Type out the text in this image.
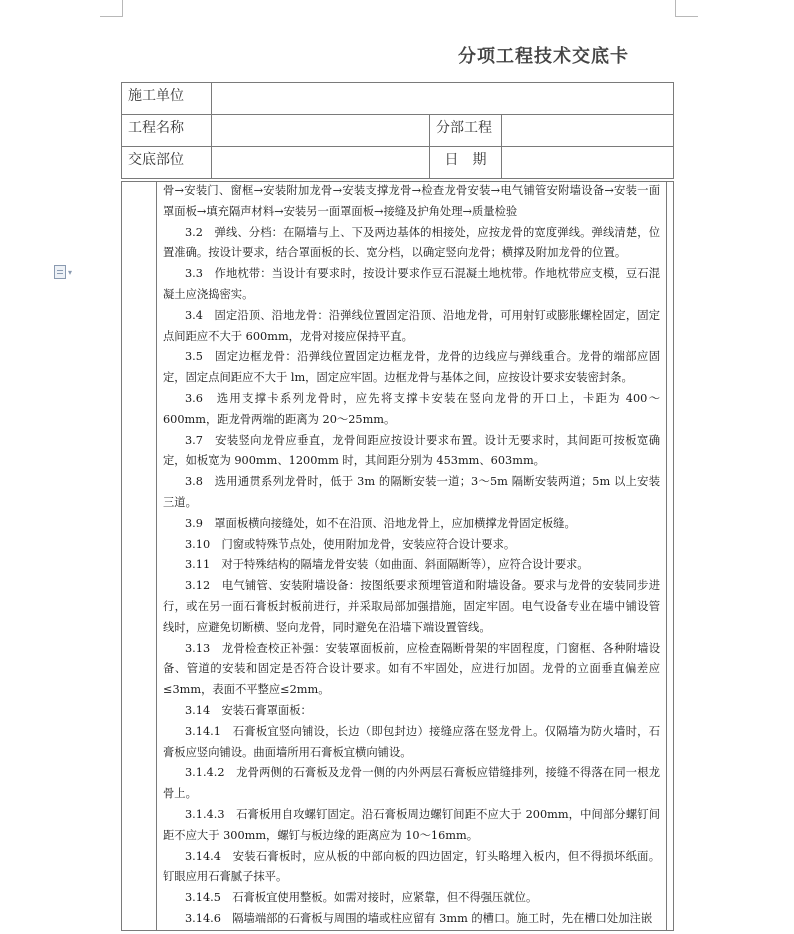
分项工程技术交底卡
施工单位			
工程名称		分部工程	
交底部位		日　期	
▾

骨→安装门、窗框→安装附加龙骨→安装支撑龙骨→检查龙骨安装→电气铺管安附墙设备→安装一面罩面板→填充隔声材料→安装另一面罩面板→接缝及护角处理→质量检验

3.2　弹线、分档：在隔墙与上、下及两边基体的相接处，应按龙骨的宽度弹线。弹线清楚，位置准确。按设计要求，结合罩面板的长、宽分档，以确定竖向龙骨；横撑及附加龙骨的位置。

3.3　作地枕带：当设计有要求时，按设计要求作豆石混凝土地枕带。作地枕带应支模，豆石混凝土应浇捣密实。

3.4　固定沿顶、沿地龙骨：沿弹线位置固定沿顶、沿地龙骨，可用射钉或膨胀螺栓固定，固定点间距应不大于 600mm，龙骨对接应保持平直。

3.5　固定边框龙骨：沿弹线位置固定边框龙骨，龙骨的边线应与弹线重合。龙骨的端部应固定，固定点间距应不大于 lm，固定应牢固。边框龙骨与基体之间，应按设计要求安装密封条。

3.6　选用支撑卡系列龙骨时，应先将支撑卡安装在竖向龙骨的开口上，卡距为 400～600mm，距龙骨两端的距离为 20～25mm。

3.7　安装竖向龙骨应垂直，龙骨间距应按设计要求布置。设计无要求时，其间距可按板宽确定，如板宽为 900mm、1200mm 时，其间距分别为 453mm、603mm。

3.8　选用通贯系列龙骨时，低于 3m 的隔断安装一道；3～5m 隔断安装两道；5m 以上安装三道。

3.9　罩面板横向接缝处，如不在沿顶、沿地龙骨上，应加横撑龙骨固定板缝。

3.10　门窗或特殊节点处，使用附加龙骨，安装应符合设计要求。

3.11　对于特殊结构的隔墙龙骨安装（如曲面、斜面隔断等），应符合设计要求。

3.12　电气铺管、安装附墙设备：按图纸要求预埋管道和附墙设备。要求与龙骨的安装同步进行，或在另一面石膏板封板前进行，并采取局部加强措施，固定牢固。电气设备专业在墙中铺设管线时，应避免切断横、竖向龙骨，同时避免在沿墙下端设置管线。

3.13　龙骨检查校正补强：安装罩面板前，应检查隔断骨架的牢固程度，门窗框、各种附墙设备、管道的安装和固定是否符合设计要求。如有不牢固处，应进行加固。龙骨的立面垂直偏差应≤3mm，表面不平整应≤2mm。

3.14　安装石膏罩面板：

3.14.1　石膏板宜竖向铺设，长边（即包封边）接缝应落在竖龙骨上。仅隔墙为防火墙时，石膏板应竖向铺设。曲面墙所用石膏板宜横向铺设。

3.1.4.2　龙骨两侧的石膏板及龙骨一侧的内外两层石膏板应错缝排列，接缝不得落在同一根龙骨上。

3.1.4.3　石膏板用自攻螺钉固定。沿石膏板周边螺钉间距不应大于 200mm，中间部分螺钉间距不应大于 300mm，螺钉与板边缘的距离应为 10～16mm。

3.14.4　安装石膏板时，应从板的中部向板的四边固定，钉头略埋入板内，但不得损坏纸面。钉眼应用石膏腻子抹平。

3.14.5　石膏板宜使用整板。如需对接时，应紧靠，但不得强压就位。

3.14.6　隔墙端部的石膏板与周围的墙或柱应留有 3mm 的槽口。施工时，先在槽口处加注嵌
